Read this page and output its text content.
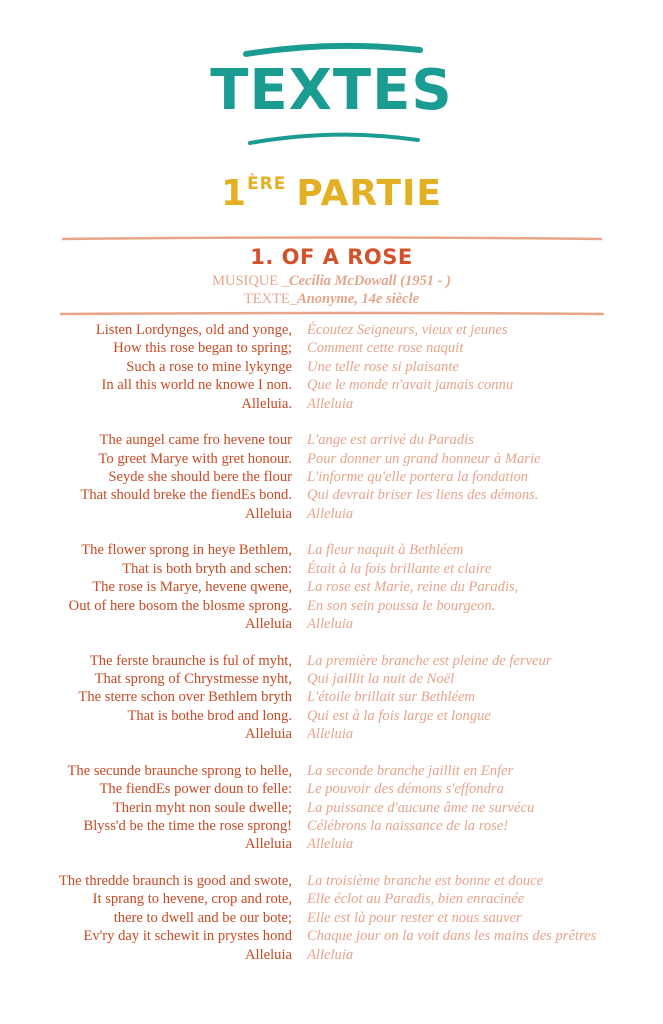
TEXTES
1ÈRE PARTIE
1. OF A ROSE
MUSIQUE _Cecilia McDowall (1951 - )
TEXTE_Anonyme, 14e siècle
Listen Lordynges, old and yonge, Écoutez Seigneurs, vieux et jeunes
How this rose began to spring; Comment cette rose naquit
Such a rose to mine lykynge Une telle rose si plaisante
In all this world ne knowe I non. Que le monde n'avait jamais connu
Alleluia. Alleluia
The aungel came fro hevene tour L'ange est arrivé du Paradis
To greet Marye with gret honour. Pour donner un grand honneur à Marie
Seyde she should bere the flour L'informe qu'elle portera la fondation
That should breke the fiendEs bond. Qui devrait briser les liens des démons.
Alleluia Alleluia
The flower sprong in heye Bethlem, La fleur naquit à Bethléem
That is both bryth and schen: Était à la fois brillante et claire
The rose is Marye, hevene qwene, La rose est Marie, reine du Paradis,
Out of here bosom the blosme sprong. En son sein poussa le bourgeon.
Alleluia Alleluia
The ferste braunche is ful of myht, La première branche est pleine de ferveur
That sprong of Chrystmesse nyht, Qui jaillit la nuit de Noël
The sterre schon over Bethlem bryth L'étoile brillait sur Bethléem
That is bothe brod and long. Qui est à la fois large et longue
Alleluia Alleluia
The secunde braunche sprong to helle, La seconde branche jaillit en Enfer
The fiendEs power doun to felle: Le pouvoir des démons s'effondra
Therin myht non soule dwelle; La puissance d'aucune âme ne survécu
Blyss'd be the time the rose sprong! Célébrons la naissance de la rose!
Alleluia Alleluia
The thredde braunch is good and swote, La troisième branche est bonne et douce
It sprang to hevene, crop and rote, Elle éclot au Paradis, bien enracinée
there to dwell and be our bote; Elle est là pour rester et nous sauver
Ev'ry day it schewit in prystes hond Chaque jour on la voit dans les mains des prêtres
Alleluia Alleluia
